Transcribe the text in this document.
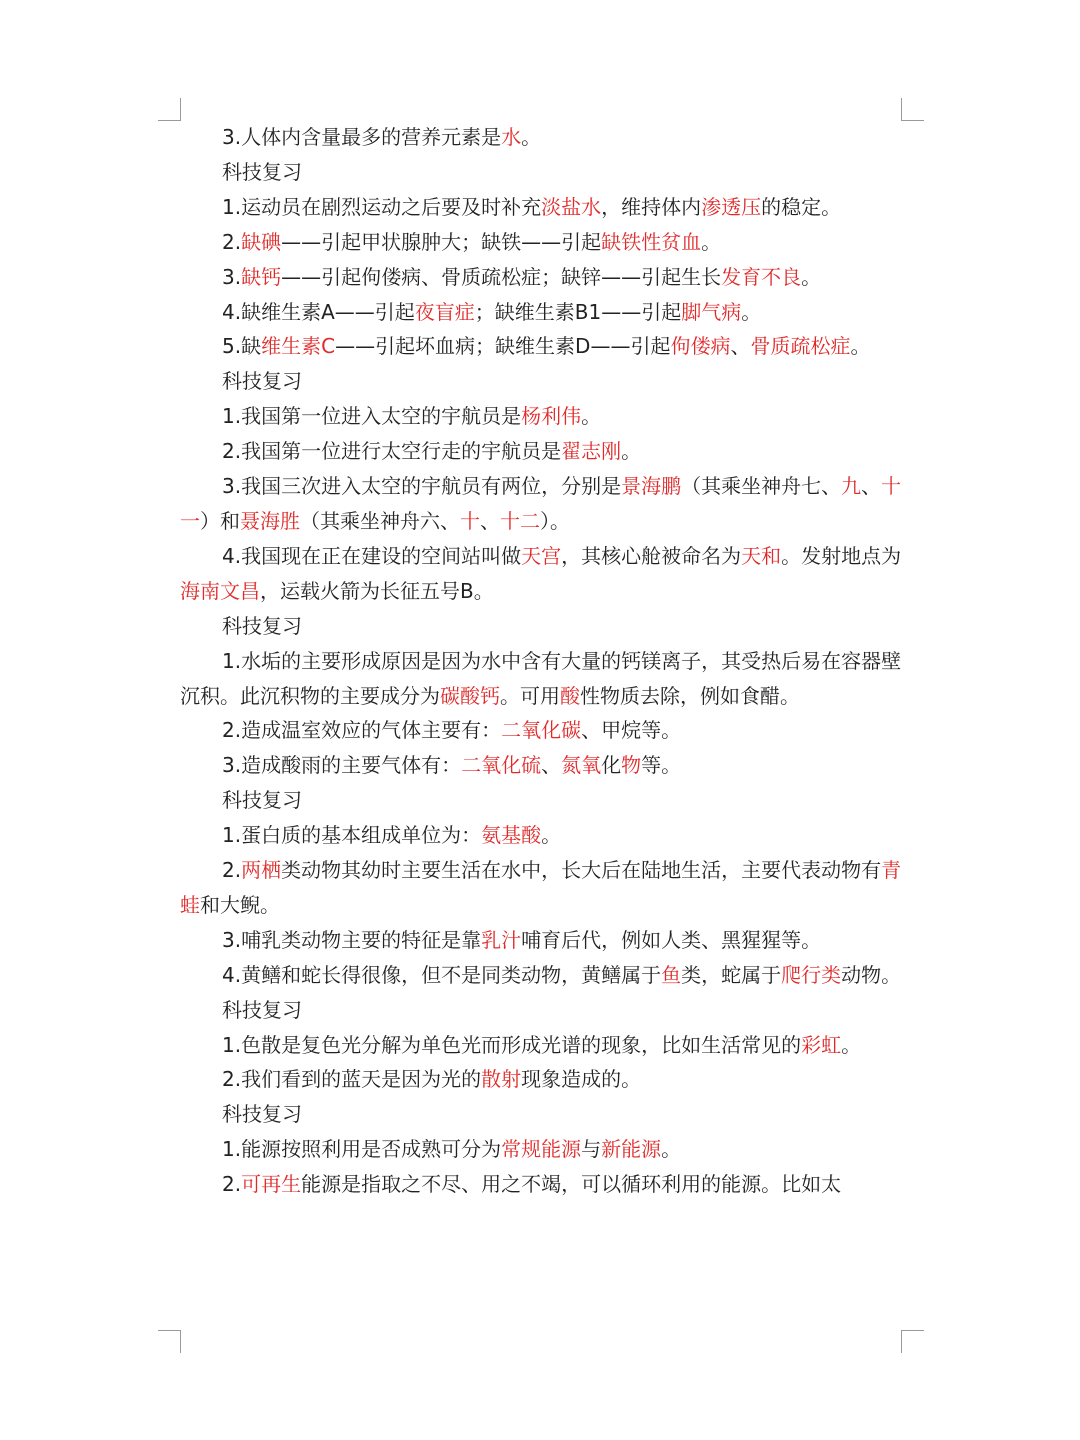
3.人体内含量最多的营养元素是水。

科技复习

1.运动员在剧烈运动之后要及时补充淡盐水，维持体内渗透压的稳定。

2.缺碘——引起甲状腺肿大；缺铁——引起缺铁性贫血。

3.缺钙——引起佝偻病、骨质疏松症；缺锌——引起生长发育不良。

4.缺维生素A——引起夜盲症；缺维生素B1——引起脚气病。

5.缺维生素C——引起坏血病；缺维生素D——引起佝偻病、骨质疏松症。

科技复习

1.我国第一位进入太空的宇航员是杨利伟。

2.我国第一位进行太空行走的宇航员是翟志刚。

3.我国三次进入太空的宇航员有两位，分别是景海鹏（其乘坐神舟七、九、十一）和聂海胜（其乘坐神舟六、十、十二）。

4.我国现在正在建设的空间站叫做天宫，其核心舱被命名为天和。发射地点为海南文昌，运载火箭为长征五号B。

科技复习

1.水垢的主要形成原因是因为水中含有大量的钙镁离子，其受热后易在容器壁沉积。此沉积物的主要成分为碳酸钙。可用酸性物质去除，例如食醋。

2.造成温室效应的气体主要有：二氧化碳、甲烷等。

3.造成酸雨的主要气体有：二氧化硫、氮氧化物等。

科技复习

1.蛋白质的基本组成单位为：氨基酸。

2.两栖类动物其幼时主要生活在水中，长大后在陆地生活，主要代表动物有青蛙和大鲵。

3.哺乳类动物主要的特征是靠乳汁哺育后代，例如人类、黑猩猩等。

4.黄鳝和蛇长得很像，但不是同类动物，黄鳝属于鱼类，蛇属于爬行类动物。

科技复习

1.色散是复色光分解为单色光而形成光谱的现象，比如生活常见的彩虹。

2.我们看到的蓝天是因为光的散射现象造成的。

科技复习

1.能源按照利用是否成熟可分为常规能源与新能源。

2.可再生能源是指取之不尽、用之不竭，可以循环利用的能源。比如太
